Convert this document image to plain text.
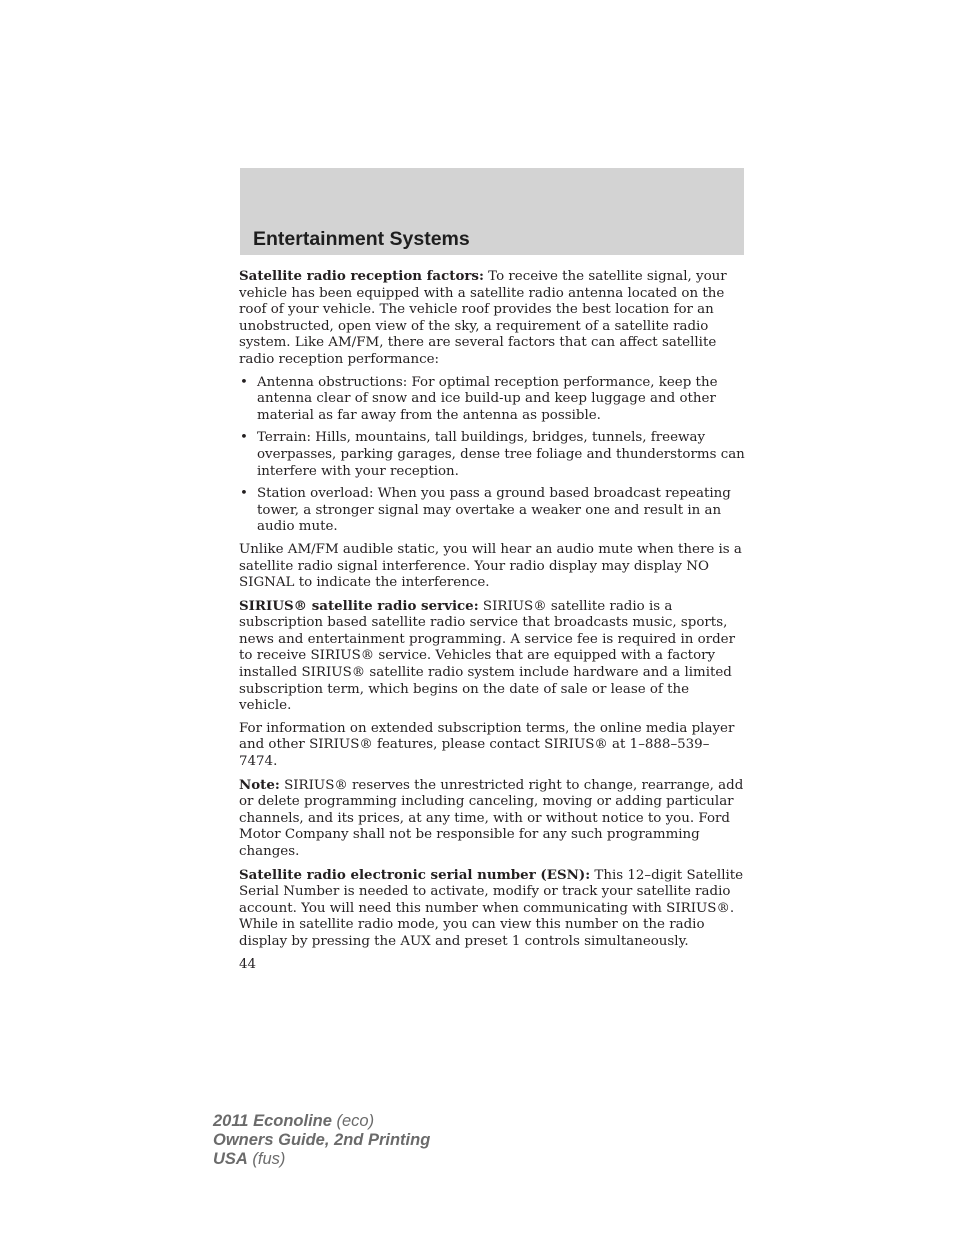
Entertainment Systems

Satellite radio reception factors: To receive the satellite signal, your vehicle has been equipped with a satellite radio antenna located on the roof of your vehicle. The vehicle roof provides the best location for an unobstructed, open view of the sky, a requirement of a satellite radio system. Like AM/FM, there are several factors that can affect satellite radio reception performance:

• Antenna obstructions: For optimal reception performance, keep the antenna clear of snow and ice build-up and keep luggage and other material as far away from the antenna as possible.
• Terrain: Hills, mountains, tall buildings, bridges, tunnels, freeway overpasses, parking garages, dense tree foliage and thunderstorms can interfere with your reception.
• Station overload: When you pass a ground based broadcast repeating tower, a stronger signal may overtake a weaker one and result in an audio mute.

Unlike AM/FM audible static, you will hear an audio mute when there is a satellite radio signal interference. Your radio display may display NO SIGNAL to indicate the interference.

SIRIUS® satellite radio service: SIRIUS® satellite radio is a subscription based satellite radio service that broadcasts music, sports, news and entertainment programming. A service fee is required in order to receive SIRIUS® service. Vehicles that are equipped with a factory installed SIRIUS® satellite radio system include hardware and a limited subscription term, which begins on the date of sale or lease of the vehicle.

For information on extended subscription terms, the online media player and other SIRIUS® features, please contact SIRIUS® at 1–888–539–7474.

Note: SIRIUS® reserves the unrestricted right to change, rearrange, add or delete programming including canceling, moving or adding particular channels, and its prices, at any time, with or without notice to you. Ford Motor Company shall not be responsible for any such programming changes.

Satellite radio electronic serial number (ESN): This 12–digit Satellite Serial Number is needed to activate, modify or track your satellite radio account. You will need this number when communicating with SIRIUS®. While in satellite radio mode, you can view this number on the radio display by pressing the AUX and preset 1 controls simultaneously.

44
2011 Econoline (eco)
Owners Guide, 2nd Printing
USA (fus)
